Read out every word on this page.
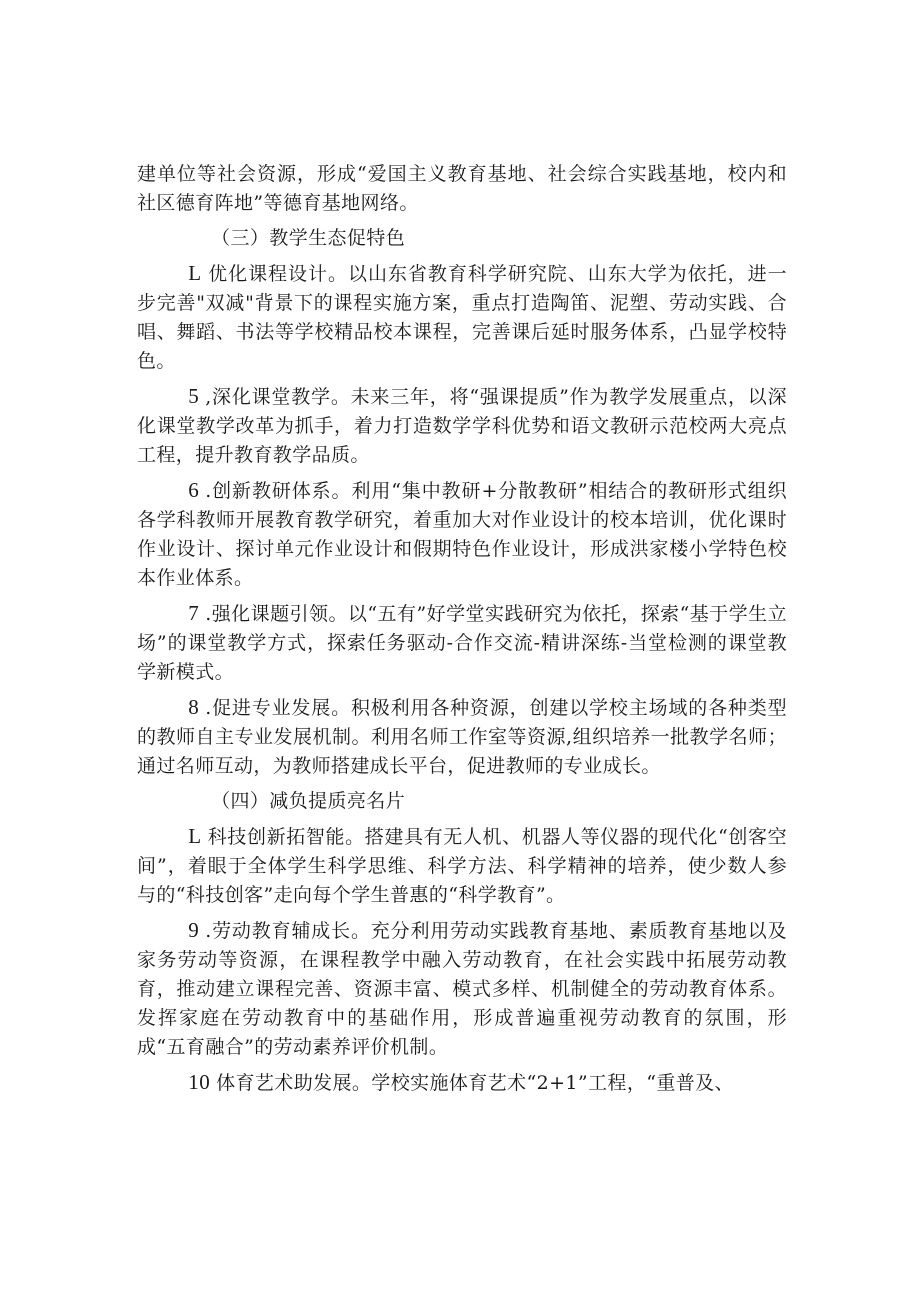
建单位等社会资源，形成“爱国主义教育基地、社会综合实践基地，校内和社区德育阵地”等德育基地网络。

（三）教学生态促特色

L 优化课程设计。以山东省教育科学研究院、山东大学为依托，进一步完善"双减"背景下的课程实施方案，重点打造陶笛、泥塑、劳动实践、合唱、舞蹈、书法等学校精品校本课程，完善课后延时服务体系，凸显学校特色。

5 ,深化课堂教学。未来三年，将“强课提质”作为教学发展重点，以深化课堂教学改革为抓手，着力打造数学学科优势和语文教研示范校两大亮点工程，提升教育教学品质。

6 .创新教研体系。利用“集中教研+分散教研”相结合的教研形式组织各学科教师开展教育教学研究，着重加大对作业设计的校本培训，优化课时作业设计、探讨单元作业设计和假期特色作业设计，形成洪家楼小学特色校本作业体系。

7 .强化课题引领。以“五有”好学堂实践研究为依托，探索“基于学生立场”的课堂教学方式，探索任务驱动-合作交流-精讲深练-当堂检测的课堂教学新模式。

8 .促进专业发展。积极利用各种资源，创建以学校主场域的各种类型的教师自主专业发展机制。利用名师工作室等资源,组织培养一批教学名师；通过名师互动，为教师搭建成长平台，促进教师的专业成长。

（四）减负提质亮名片

L 科技创新拓智能。搭建具有无人机、机器人等仪器的现代化“创客空间”，着眼于全体学生科学思维、科学方法、科学精神的培养，使少数人参与的“科技创客”走向每个学生普惠的“科学教育”。

9 .劳动教育辅成长。充分利用劳动实践教育基地、素质教育基地以及家务劳动等资源，在课程教学中融入劳动教育，在社会实践中拓展劳动教育，推动建立课程完善、资源丰富、模式多样、机制健全的劳动教育体系。发挥家庭在劳动教育中的基础作用，形成普遍重视劳动教育的氛围，形成“五育融合”的劳动素养评价机制。

10 体育艺术助发展。学校实施体育艺术“2+1”工程，“重普及、
